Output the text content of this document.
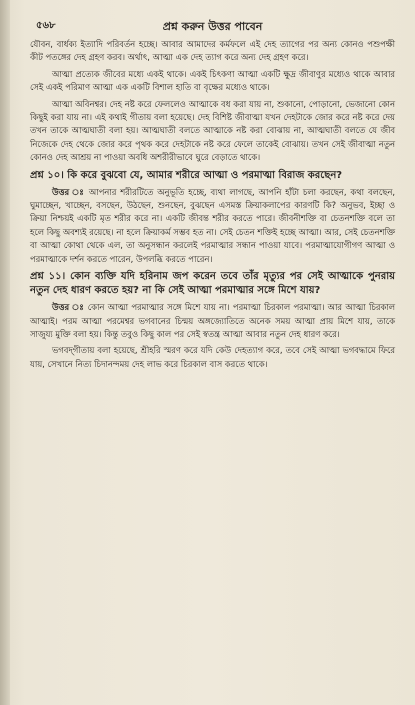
৫৬৮	প্রশ্ন করুন উত্তর পাবেন

যৌবন, বার্ধক্য ইত্যাদি পরিবর্তন হচ্ছে। আবার আমাদের কর্মফলে এই দেহ ত্যাগের পর অন্য কোনও পশুপক্ষী কীট পতঙ্গের দেহ গ্রহণ করব। অর্থাৎ, আত্মা এক দেহ ত্যাগ করে অন্য দেহ গ্রহণ করে।

আত্মা প্রত্যেক জীবের মধ্যে একই থাকে। একই চিৎকণা আত্মা একটি ক্ষুদ্র জীবাণুর মধ্যেও থাকে আবার সেই একই পরিমাণ আত্মা এক একটি বিশাল হাতি বা বৃক্ষের মধ্যেও থাকে।

আত্মা অবিনশ্বর। দেহ নষ্ট করে ফেললেও আত্মাকে বধ করা যায় না, শুকানো, পোড়ানো, ভেজানো কোন কিছুই করা যায় না। এই কথাই গীতায় বলা হয়েছে। দেহ বিশিষ্ট জীবাত্মা যখন দেহটাকে জোর করে নষ্ট করে দেয় তখন তাকে আত্মঘাতী বলা হয়। আত্মঘাতী বলতে আত্মাকে নষ্ট করা বোঝায় না, আত্মঘাতী বলতে যে জীব নিজেকে দেহ থেকে জোর করে পৃথক করে দেহটাকে নষ্ট করে ফেলে তাকেই বোঝায়। তখন সেই জীবাত্মা নতুন কোনও দেহ আশ্রয় না পাওয়া অবধি অশরীরীভাবে ঘুরে বেড়াতে থাকে।

প্রশ্ন ১০। কি করে বুঝবো যে, আমার শরীরে আত্মা ও পরমাত্মা বিরাজ করছেন?

উত্তর ঃ আপনার শরীরটিতে অনুভূতি হচ্ছে, ব্যথা লাগছে, আপনি হাঁটা চলা করছেন, কথা বলছেন, ঘুমাচ্ছেন, খাচ্ছেন, বসছেন, উঠছেন, শুনছেন, বুঝছেন এসমস্ত ক্রিয়াকলাপের কারণটি কি? অনুভব, ইচ্ছা ও ক্রিয়া নিশ্চয়ই একটি মৃত শরীর করে না। একটি জীবন্ত শরীর করতে পারে। জীবনীশক্তি বা চেতনশক্তি বলে তা হলে কিছু অবশ্যই রয়েছে। না হলে ক্রিয়াকর্ম সম্ভব হত না। সেই চেতন শক্তিই হচ্ছে আত্মা। আর, সেই চেতনশক্তি বা আত্মা কোথা থেকে এল, তা অনুসন্ধান করলেই পরমাত্মার সন্ধান পাওয়া যাবে। পরমাত্মাযোগীগণ আত্মা ও পরমাত্মাকে দর্শন করতে পারেন, উপলব্ধি করতে পারেন।

প্রশ্ন ১১। কোন ব্যক্তি যদি হরিনাম জপ করেন তবে তাঁর মৃত্যুর পর সেই আত্মাকে পুনরায় নতুন দেহ ধারণ করতে হয়? না কি সেই আত্মা পরমাত্মার সঙ্গে মিশে যায়?

উত্তর ঃ কোন আত্মা পরমাত্মার সঙ্গে মিশে যায় না। পরমাত্মা চিরকাল পরমাত্মা। আর আত্মা চিরকাল আত্মাই। পরম আত্মা পরমেশ্বর ভগবানের চিন্ময় অঙ্গজ্যোতিতে অনেক সময় আত্মা প্রায় মিশে যায়, তাকে সাজুয্য মুক্তি বলা হয়। কিন্তু তবুও কিছু কাল পর সেই স্বতন্ত্র আত্মা আবার নতুন দেহ ধারণ করে।

ভগবদ্‌গীতায় বলা হয়েছে, শ্রীহরি স্মরণ করে যদি কেউ দেহত্যাগ করে, তবে সেই আত্মা ভগবদ্ধামে ফিরে যায়, সেখানে নিত্য চিদানন্দময় দেহ লাভ করে চিরকাল বাস করতে থাকে।
